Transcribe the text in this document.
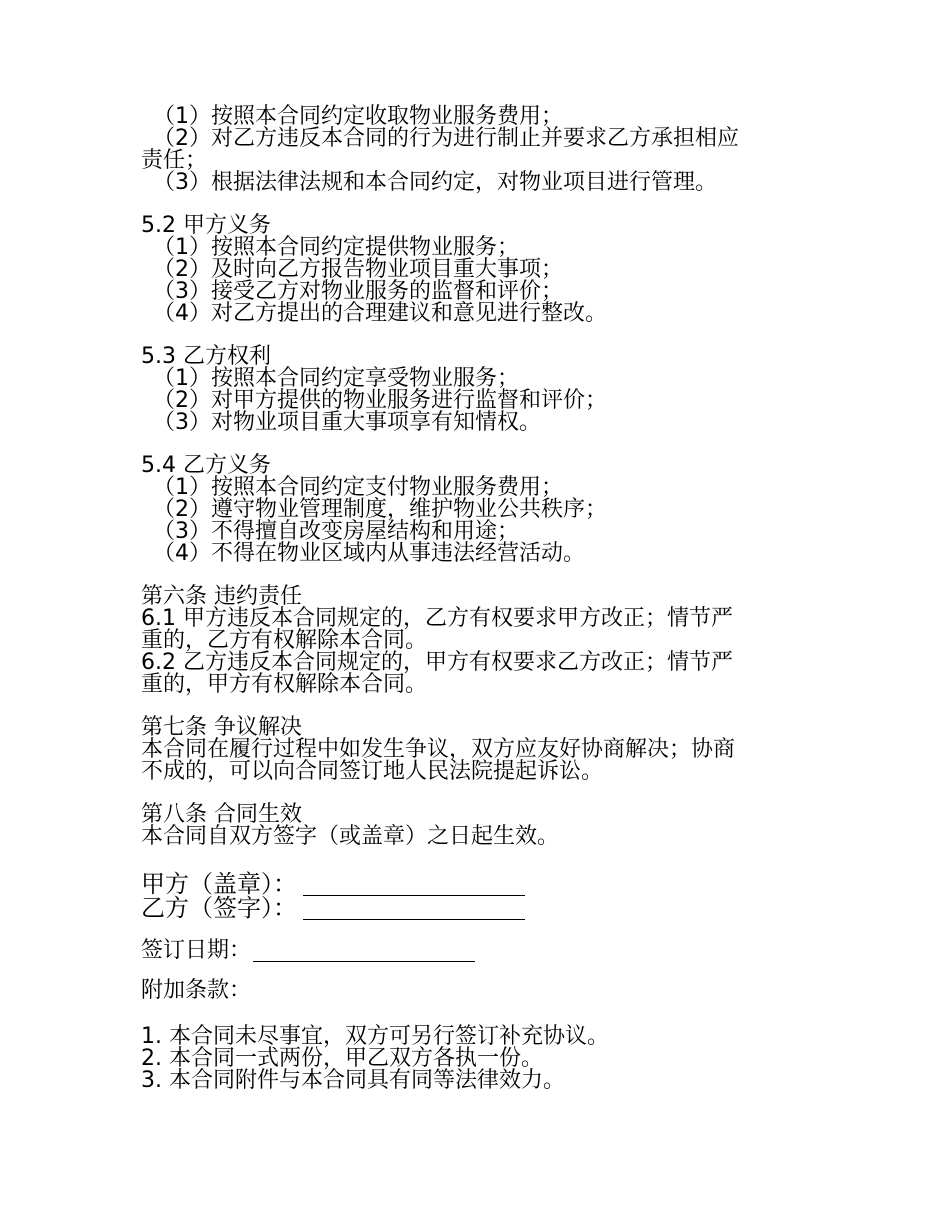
（1）按照本合同约定收取物业服务费用；

（2）对乙方违反本合同的行为进行制止并要求乙方承担相应

责任；

（3）根据法律法规和本合同约定，对物业项目进行管理。

5.2 甲方义务

（1）按照本合同约定提供物业服务；

（2）及时向乙方报告物业项目重大事项；

（3）接受乙方对物业服务的监督和评价；

（4）对乙方提出的合理建议和意见进行整改。

5.3 乙方权利

（1）按照本合同约定享受物业服务；

（2）对甲方提供的物业服务进行监督和评价；

（3）对物业项目重大事项享有知情权。

5.4 乙方义务

（1）按照本合同约定支付物业服务费用；

（2）遵守物业管理制度，维护物业公共秩序；

（3）不得擅自改变房屋结构和用途；

（4）不得在物业区域内从事违法经营活动。

第六条 违约责任

6.1 甲方违反本合同规定的，乙方有权要求甲方改正；情节严

重的，乙方有权解除本合同。

6.2 乙方违反本合同规定的，甲方有权要求乙方改正；情节严

重的，甲方有权解除本合同。

第七条 争议解决

本合同在履行过程中如发生争议，双方应友好协商解决；协商

不成的，可以向合同签订地人民法院提起诉讼。

第八条 合同生效

本合同自双方签字（或盖章）之日起生效。

甲方（盖章）：
乙方（签字）：
签订日期：

附加条款：

1. 本合同未尽事宜，双方可另行签订补充协议。

2. 本合同一式两份，甲乙双方各执一份。

3. 本合同附件与本合同具有同等法律效力。
